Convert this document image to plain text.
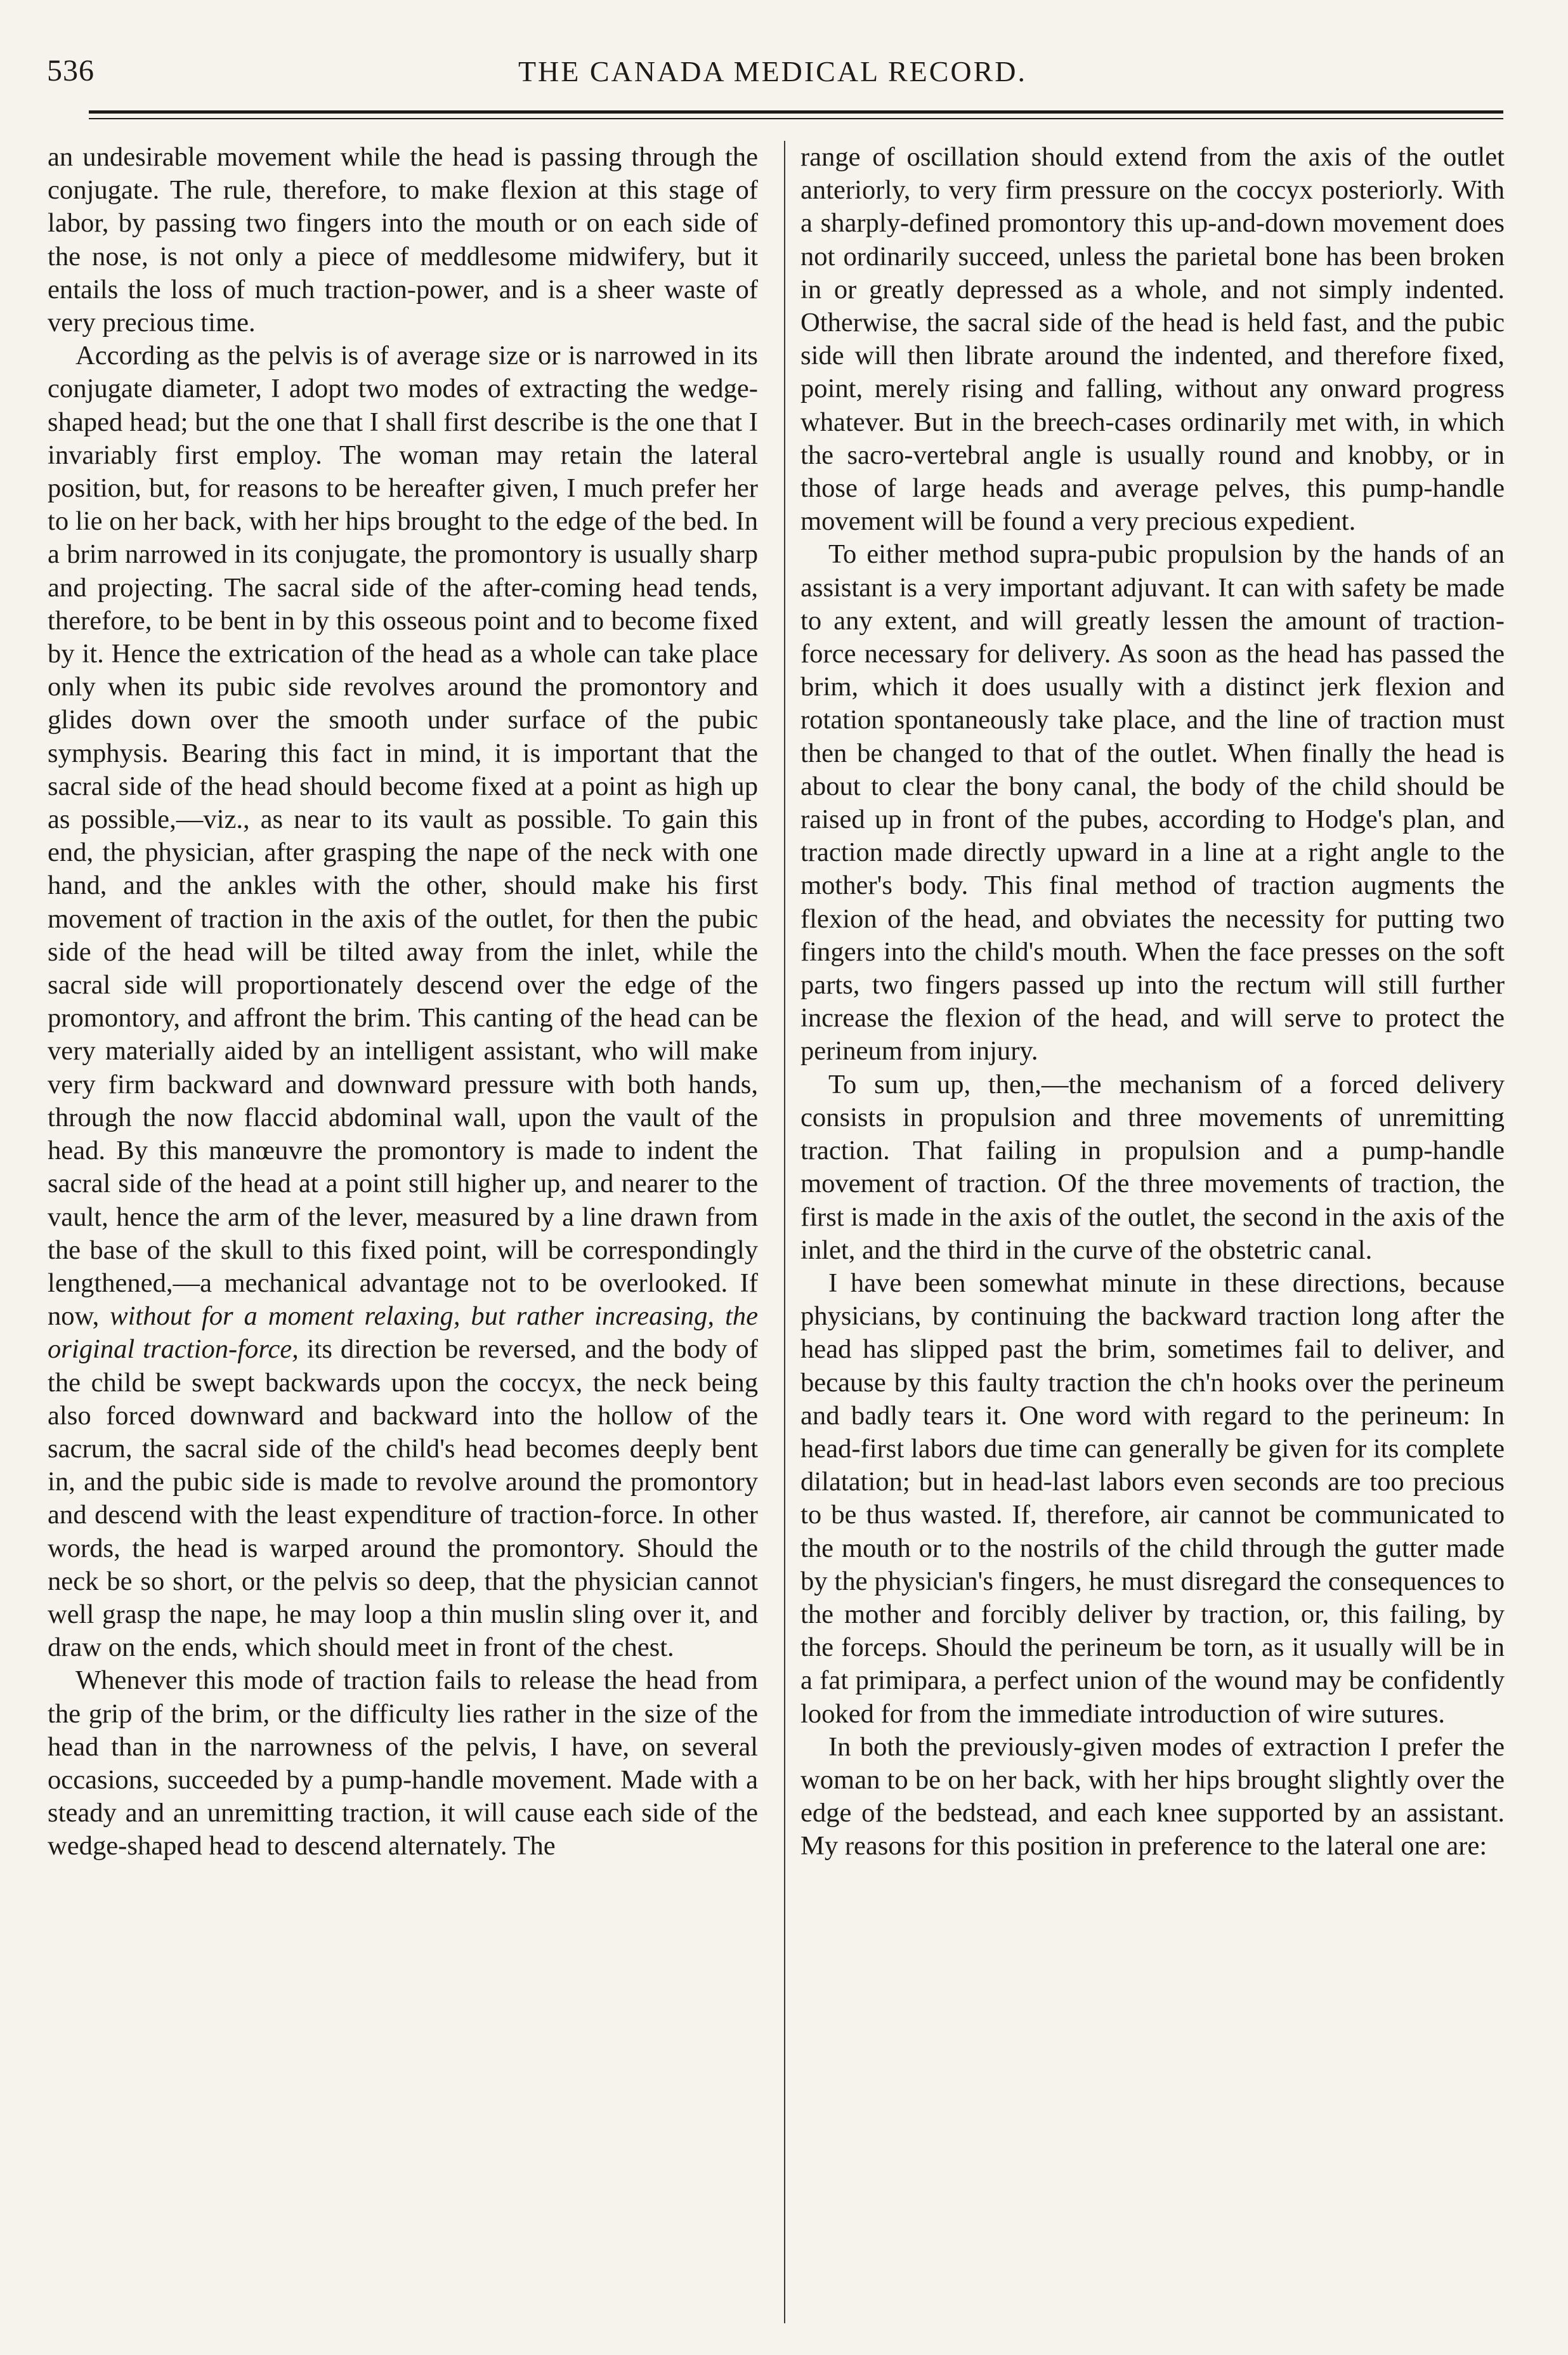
536	THE CANADA MEDICAL RECORD.

an undesirable movement while the head is passing through the conjugate. The rule, therefore, to make flexion at this stage of labor, by passing two fingers into the mouth or on each side of the nose, is not only a piece of meddlesome midwifery, but it entails the loss of much traction-power, and is a sheer waste of very precious time.

According as the pelvis is of average size or is narrowed in its conjugate diameter, I adopt two modes of extracting the wedge-shaped head; but the one that I shall first describe is the one that I invariably first employ. The woman may retain the lateral position, but, for reasons to be hereafter given, I much prefer her to lie on her back, with her hips brought to the edge of the bed. In a brim narrowed in its conjugate, the promontory is usually sharp and projecting. The sacral side of the after-coming head tends, therefore, to be bent in by this osseous point and to become fixed by it. Hence the extrication of the head as a whole can take place only when its pubic side revolves around the promontory and glides down over the smooth under surface of the pubic symphysis. Bearing this fact in mind, it is important that the sacral side of the head should become fixed at a point as high up as possible,—viz., as near to its vault as possible. To gain this end, the physician, after grasping the nape of the neck with one hand, and the ankles with the other, should make his first movement of traction in the axis of the outlet, for then the pubic side of the head will be tilted away from the inlet, while the sacral side will proportionately descend over the edge of the promontory, and affront the brim. This canting of the head can be very materially aided by an intelligent assistant, who will make very firm backward and downward pressure with both hands, through the now flaccid abdominal wall, upon the vault of the head. By this manœuvre the promontory is made to indent the sacral side of the head at a point still higher up, and nearer to the vault, hence the arm of the lever, measured by a line drawn from the base of the skull to this fixed point, will be correspondingly lengthened,—a mechanical advantage not to be overlooked. If now, without for a moment relaxing, but rather increasing, the original traction-force, its direction be reversed, and the body of the child be swept backwards upon the coccyx, the neck being also forced downward and backward into the hollow of the sacrum, the sacral side of the child's head becomes deeply bent in, and the pubic side is made to revolve around the promontory and descend with the least expenditure of traction-force. In other words, the head is warped around the promontory. Should the neck be so short, or the pelvis so deep, that the physician cannot well grasp the nape, he may loop a thin muslin sling over it, and draw on the ends, which should meet in front of the chest.

Whenever this mode of traction fails to release the head from the grip of the brim, or the difficulty lies rather in the size of the head than in the narrowness of the pelvis, I have, on several occasions, succeeded by a pump-handle movement. Made with a steady and an unremitting traction, it will cause each side of the wedge-shaped head to descend alternately. The

range of oscillation should extend from the axis of the outlet anteriorly, to very firm pressure on the coccyx posteriorly. With a sharply-defined promontory this up-and-down movement does not ordinarily succeed, unless the parietal bone has been broken in or greatly depressed as a whole, and not simply indented. Otherwise, the sacral side of the head is held fast, and the pubic side will then librate around the indented, and therefore fixed, point, merely rising and falling, without any onward progress whatever. But in the breech-cases ordinarily met with, in which the sacro-vertebral angle is usually round and knobby, or in those of large heads and average pelves, this pump-handle movement will be found a very precious expedient.

To either method supra-pubic propulsion by the hands of an assistant is a very important adjuvant. It can with safety be made to any extent, and will greatly lessen the amount of traction-force necessary for delivery. As soon as the head has passed the brim, which it does usually with a distinct jerk flexion and rotation spontaneously take place, and the line of traction must then be changed to that of the outlet. When finally the head is about to clear the bony canal, the body of the child should be raised up in front of the pubes, according to Hodge's plan, and traction made directly upward in a line at a right angle to the mother's body. This final method of traction augments the flexion of the head, and obviates the necessity for putting two fingers into the child's mouth. When the face presses on the soft parts, two fingers passed up into the rectum will still further increase the flexion of the head, and will serve to protect the perineum from injury.

To sum up, then,—the mechanism of a forced delivery consists in propulsion and three movements of unremitting traction. That failing in propulsion and a pump-handle movement of traction. Of the three movements of traction, the first is made in the axis of the outlet, the second in the axis of the inlet, and the third in the curve of the obstetric canal.

I have been somewhat minute in these directions, because physicians, by continuing the backward traction long after the head has slipped past the brim, sometimes fail to deliver, and because by this faulty traction the ch'n hooks over the perineum and badly tears it. One word with regard to the perineum: In head-first labors due time can generally be given for its complete dilatation; but in head-last labors even seconds are too precious to be thus wasted. If, therefore, air cannot be communicated to the mouth or to the nostrils of the child through the gutter made by the physician's fingers, he must disregard the consequences to the mother and forcibly deliver by traction, or, this failing, by the forceps. Should the perineum be torn, as it usually will be in a fat primipara, a perfect union of the wound may be confidently looked for from the immediate introduction of wire sutures.

In both the previously-given modes of extraction I prefer the woman to be on her back, with her hips brought slightly over the edge of the bedstead, and each knee supported by an assistant. My reasons for this position in preference to the lateral one are:
